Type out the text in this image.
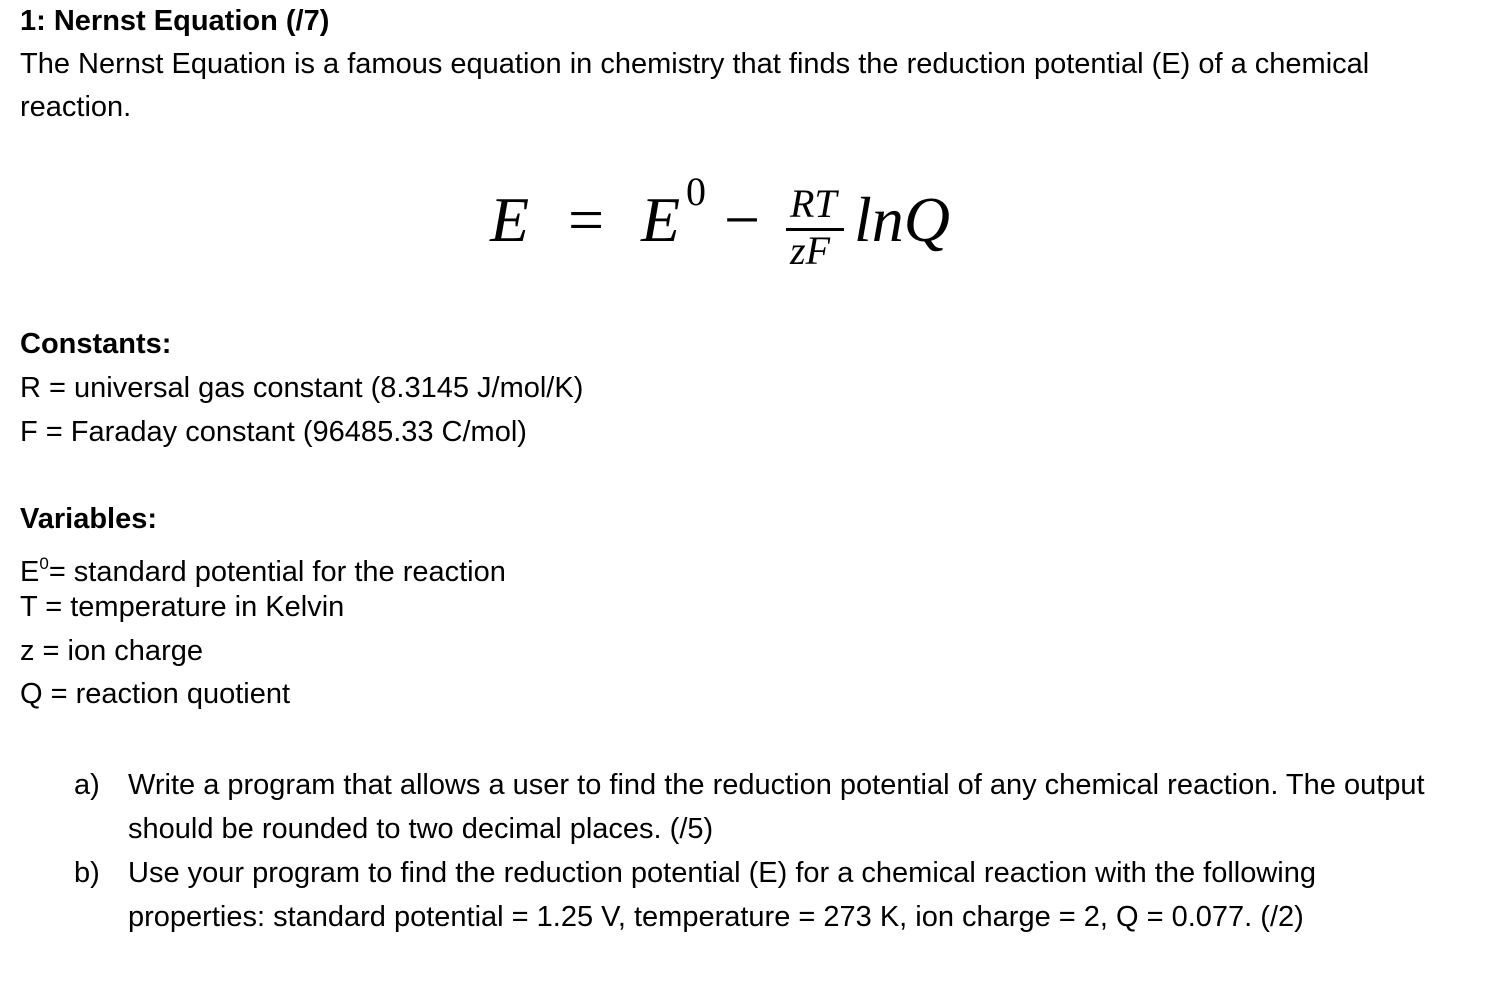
1: Nernst Equation (/7)
The Nernst Equation is a famous equation in chemistry that finds the reduction potential (E) of a chemical reaction.
E = E 0 − RT
zF lnQ
Constants:
R = universal gas constant (8.3145 J/mol/K)
F = Faraday constant (96485.33 C/mol)
Variables:
$E^0=$ standard potential for the reaction
T = temperature in Kelvin
z = ion charge
Q = reaction quotient
a) Write a program that allows a user to find the reduction potential of any chemical reaction. The output should be rounded to two decimal places. (/5)
b) Use your program to find the reduction potential (E) for a chemical reaction with the following properties: standard potential = 1.25 V, temperature = 273 K, ion charge = 2, Q = 0.077. (/2)
